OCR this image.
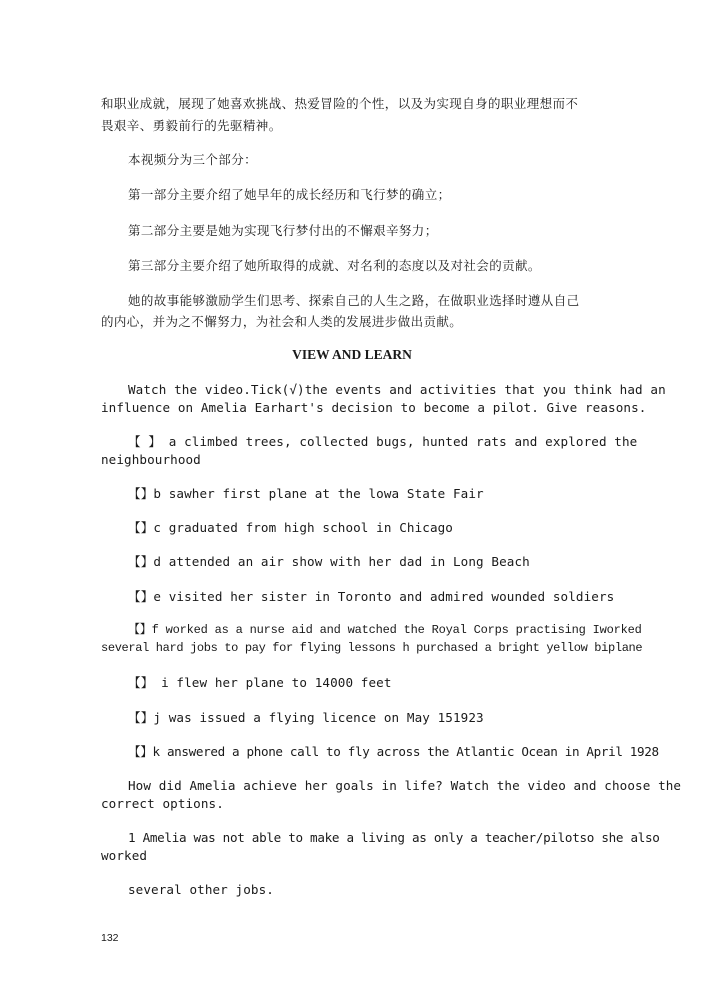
和职业成就，展现了她喜欢挑战、热爱冒险的个性，以及为实现自身的职业理想而不

畏艰辛、勇毅前行的先驱精神。

本视频分为三个部分：

第一部分主要介绍了她早年的成长经历和飞行梦的确立；

第二部分主要是她为实现飞行梦付出的不懈艰辛努力；

第三部分主要介绍了她所取得的成就、对名利的态度以及对社会的贡献。

她的故事能够激励学生们思考、探索自己的人生之路，在做职业选择时遵从自己

的内心，并为之不懈努力，为社会和人类的发展进步做出贡献。

VIEW AND LEARN

Watch the video.Tick(√)the events and activities that you think had an

influence on Amelia Earhart's decision to become a pilot. Give reasons.

【 】 a climbed trees, collected bugs, hunted rats and explored the

neighbourhood

【】b sawher first plane at the lowa State Fair

【】c graduated from high school in Chicago

【】d attended an air show with her dad in Long Beach

【】e visited her sister in Toronto and admired wounded soldiers

【】f worked as a nurse aid and watched the Royal Corps practising Iworked

several hard jobs to pay for flying lessons h purchased a bright yellow biplane

【】 i flew her plane to 14000 feet

【】j was issued a flying licence on May 151923

【】k answered a phone call to fly across the Atlantic Ocean in April 1928

How did Amelia achieve her goals in life? Watch the video and choose the

correct options.

1 Amelia was not able to make a living as only a teacher/pilotso she also

worked

several other jobs.

132
